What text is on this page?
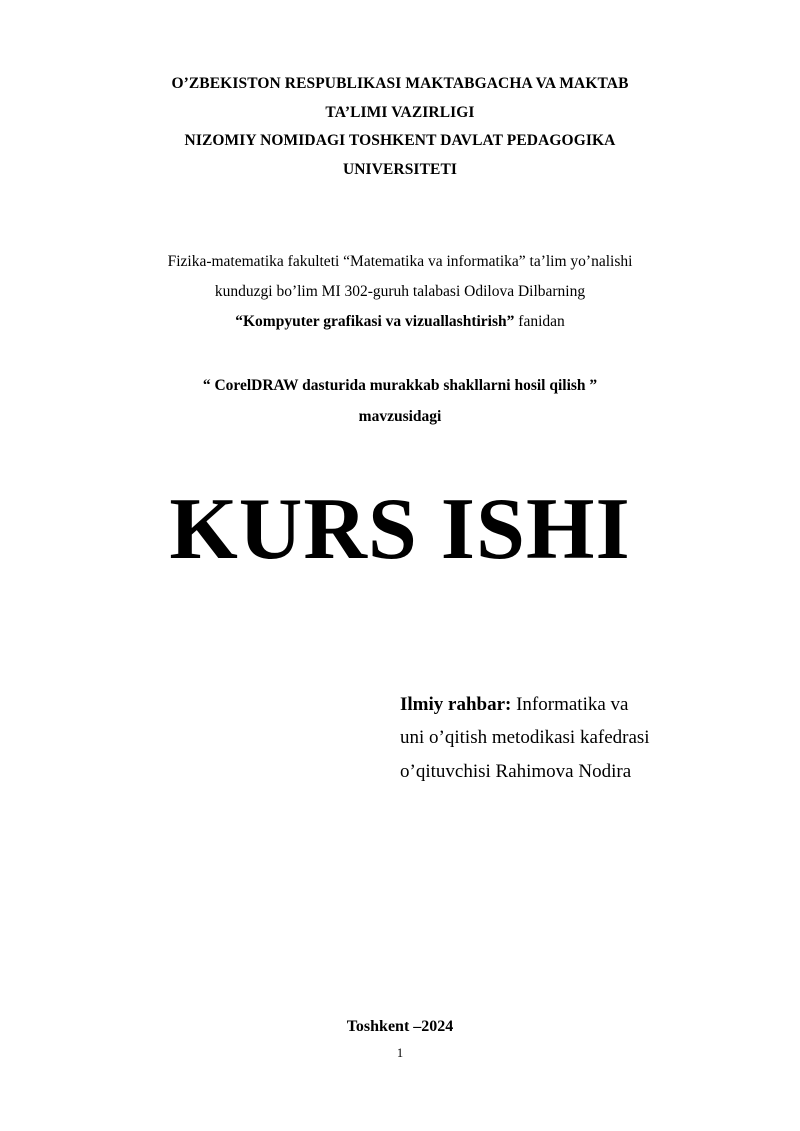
O’ZBEKISTON RESPUBLIKASI MAKTABGACHA VA MAKTAB
TA’LIMI VAZIRLIGI
NIZOMIY NOMIDAGI TOSHKENT DAVLAT PEDAGOGIKA
UNIVERSITETI
Fizika-matematika fakulteti “Matematika va informatika” ta’lim yo’nalishi
kunduzgi bo’lim MI 302-guruh talabasi Odilova Dilbarning
“Kompyuter grafikasi va vizuallashtirish” fanidan
“ CorelDRAW dasturida murakkab shakllarni hosil qilish ”
mavzusidagi
KURS ISHI
Ilmiy rahbar: Informatika va
uni o’qitish metodikasi kafedrasi
o’qituvchisi Rahimova Nodira
Toshkent –2024
1
